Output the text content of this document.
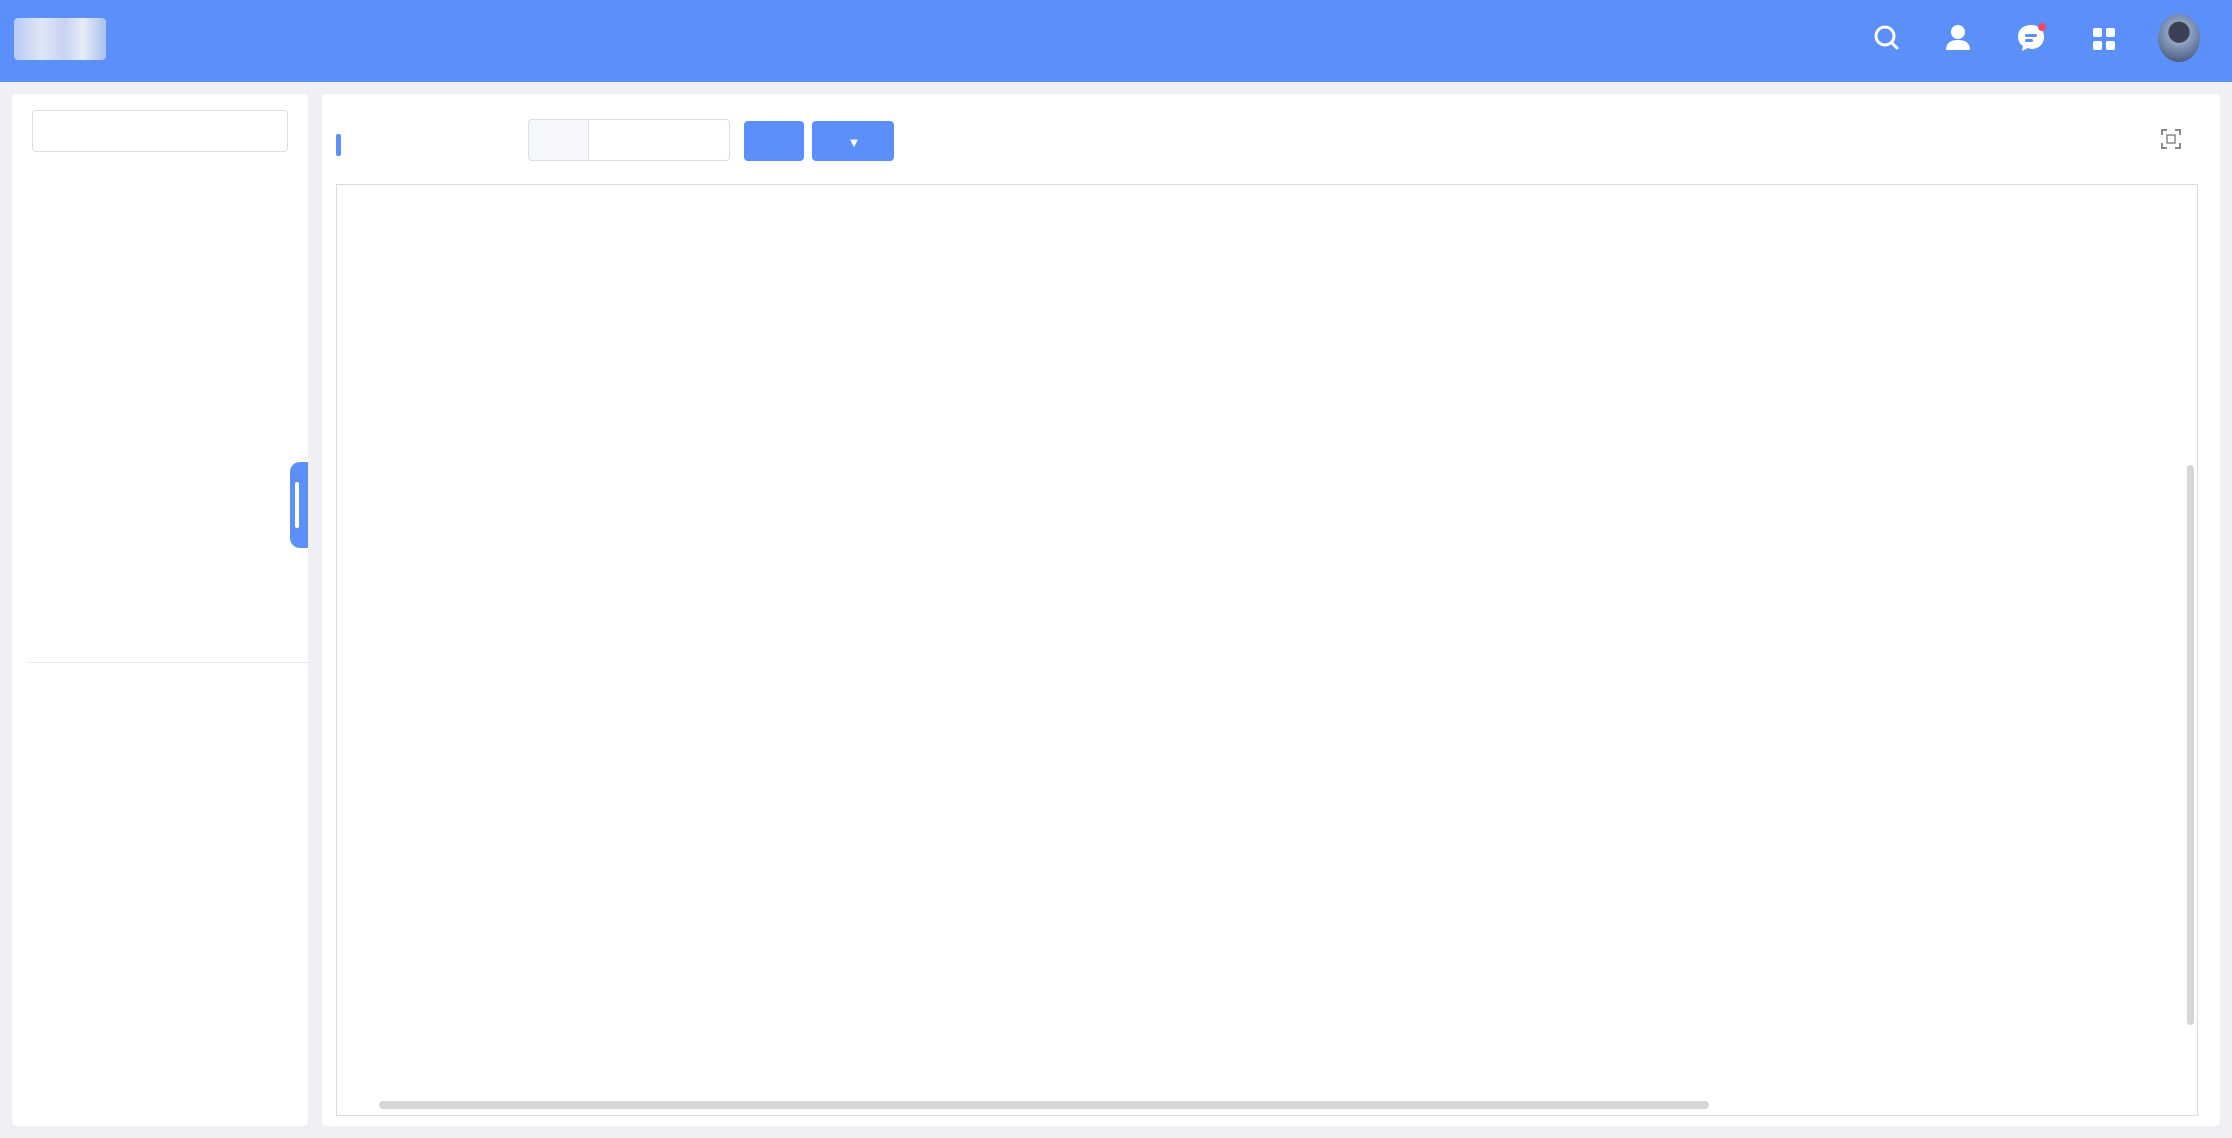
▼
